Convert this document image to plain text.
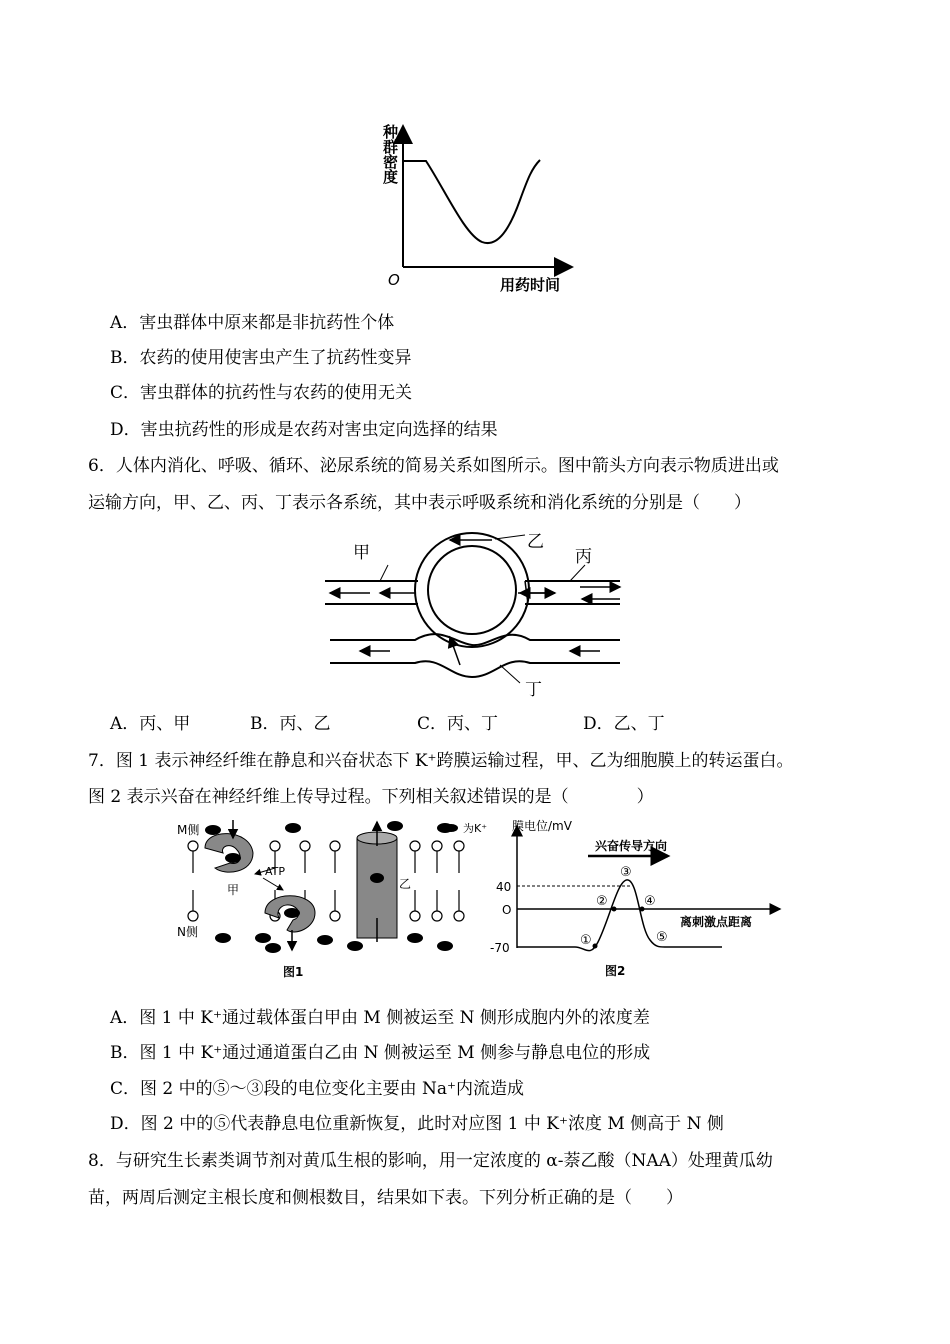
O	用药时间
种群密度
A．害虫群体中原来都是非抗药性个体
B．农药的使用使害虫产生了抗药性变异
C．害虫群体的抗药性与农药的使用无关
D．害虫抗药性的形成是农药对害虫定向选择的结果
6．人体内消化、呼吸、循环、泌尿系统的简易关系如图所示。图中箭头方向表示物质进出或
运输方向，甲、乙、丙、丁表示各系统，其中表示呼吸系统和消化系统的分别是（　　）
甲
乙
丙
丁
A．丙、甲	B．丙、乙	C．丙、丁	D．乙、丁
7．图 1 表示神经纤维在静息和兴奋状态下 K⁺跨膜运输过程，甲、乙为细胞膜上的转运蛋白。
图 2 表示兴奋在神经纤维上传导过程。下列相关叙述错误的是（　　　　）
为K⁺
M侧
N侧
ATP
甲	乙
图1
膜电位/mV
兴奋传导方向
离刺激点距离
40
O
-70	①
②
③
④
⑤
图2
A．图 1 中 K⁺通过载体蛋白甲由 M 侧被运至 N 侧形成胞内外的浓度差
B．图 1 中 K⁺通过通道蛋白乙由 N 侧被运至 M 侧参与静息电位的形成
C．图 2 中的⑤～③段的电位变化主要由 Na⁺内流造成
D．图 2 中的⑤代表静息电位重新恢复，此时对应图 1 中 K⁺浓度 M 侧高于 N 侧
8．与研究生长素类调节剂对黄瓜生根的影响，用一定浓度的 α-萘乙酸（NAA）处理黄瓜幼
苗，两周后测定主根长度和侧根数目，结果如下表。下列分析正确的是（　　）
